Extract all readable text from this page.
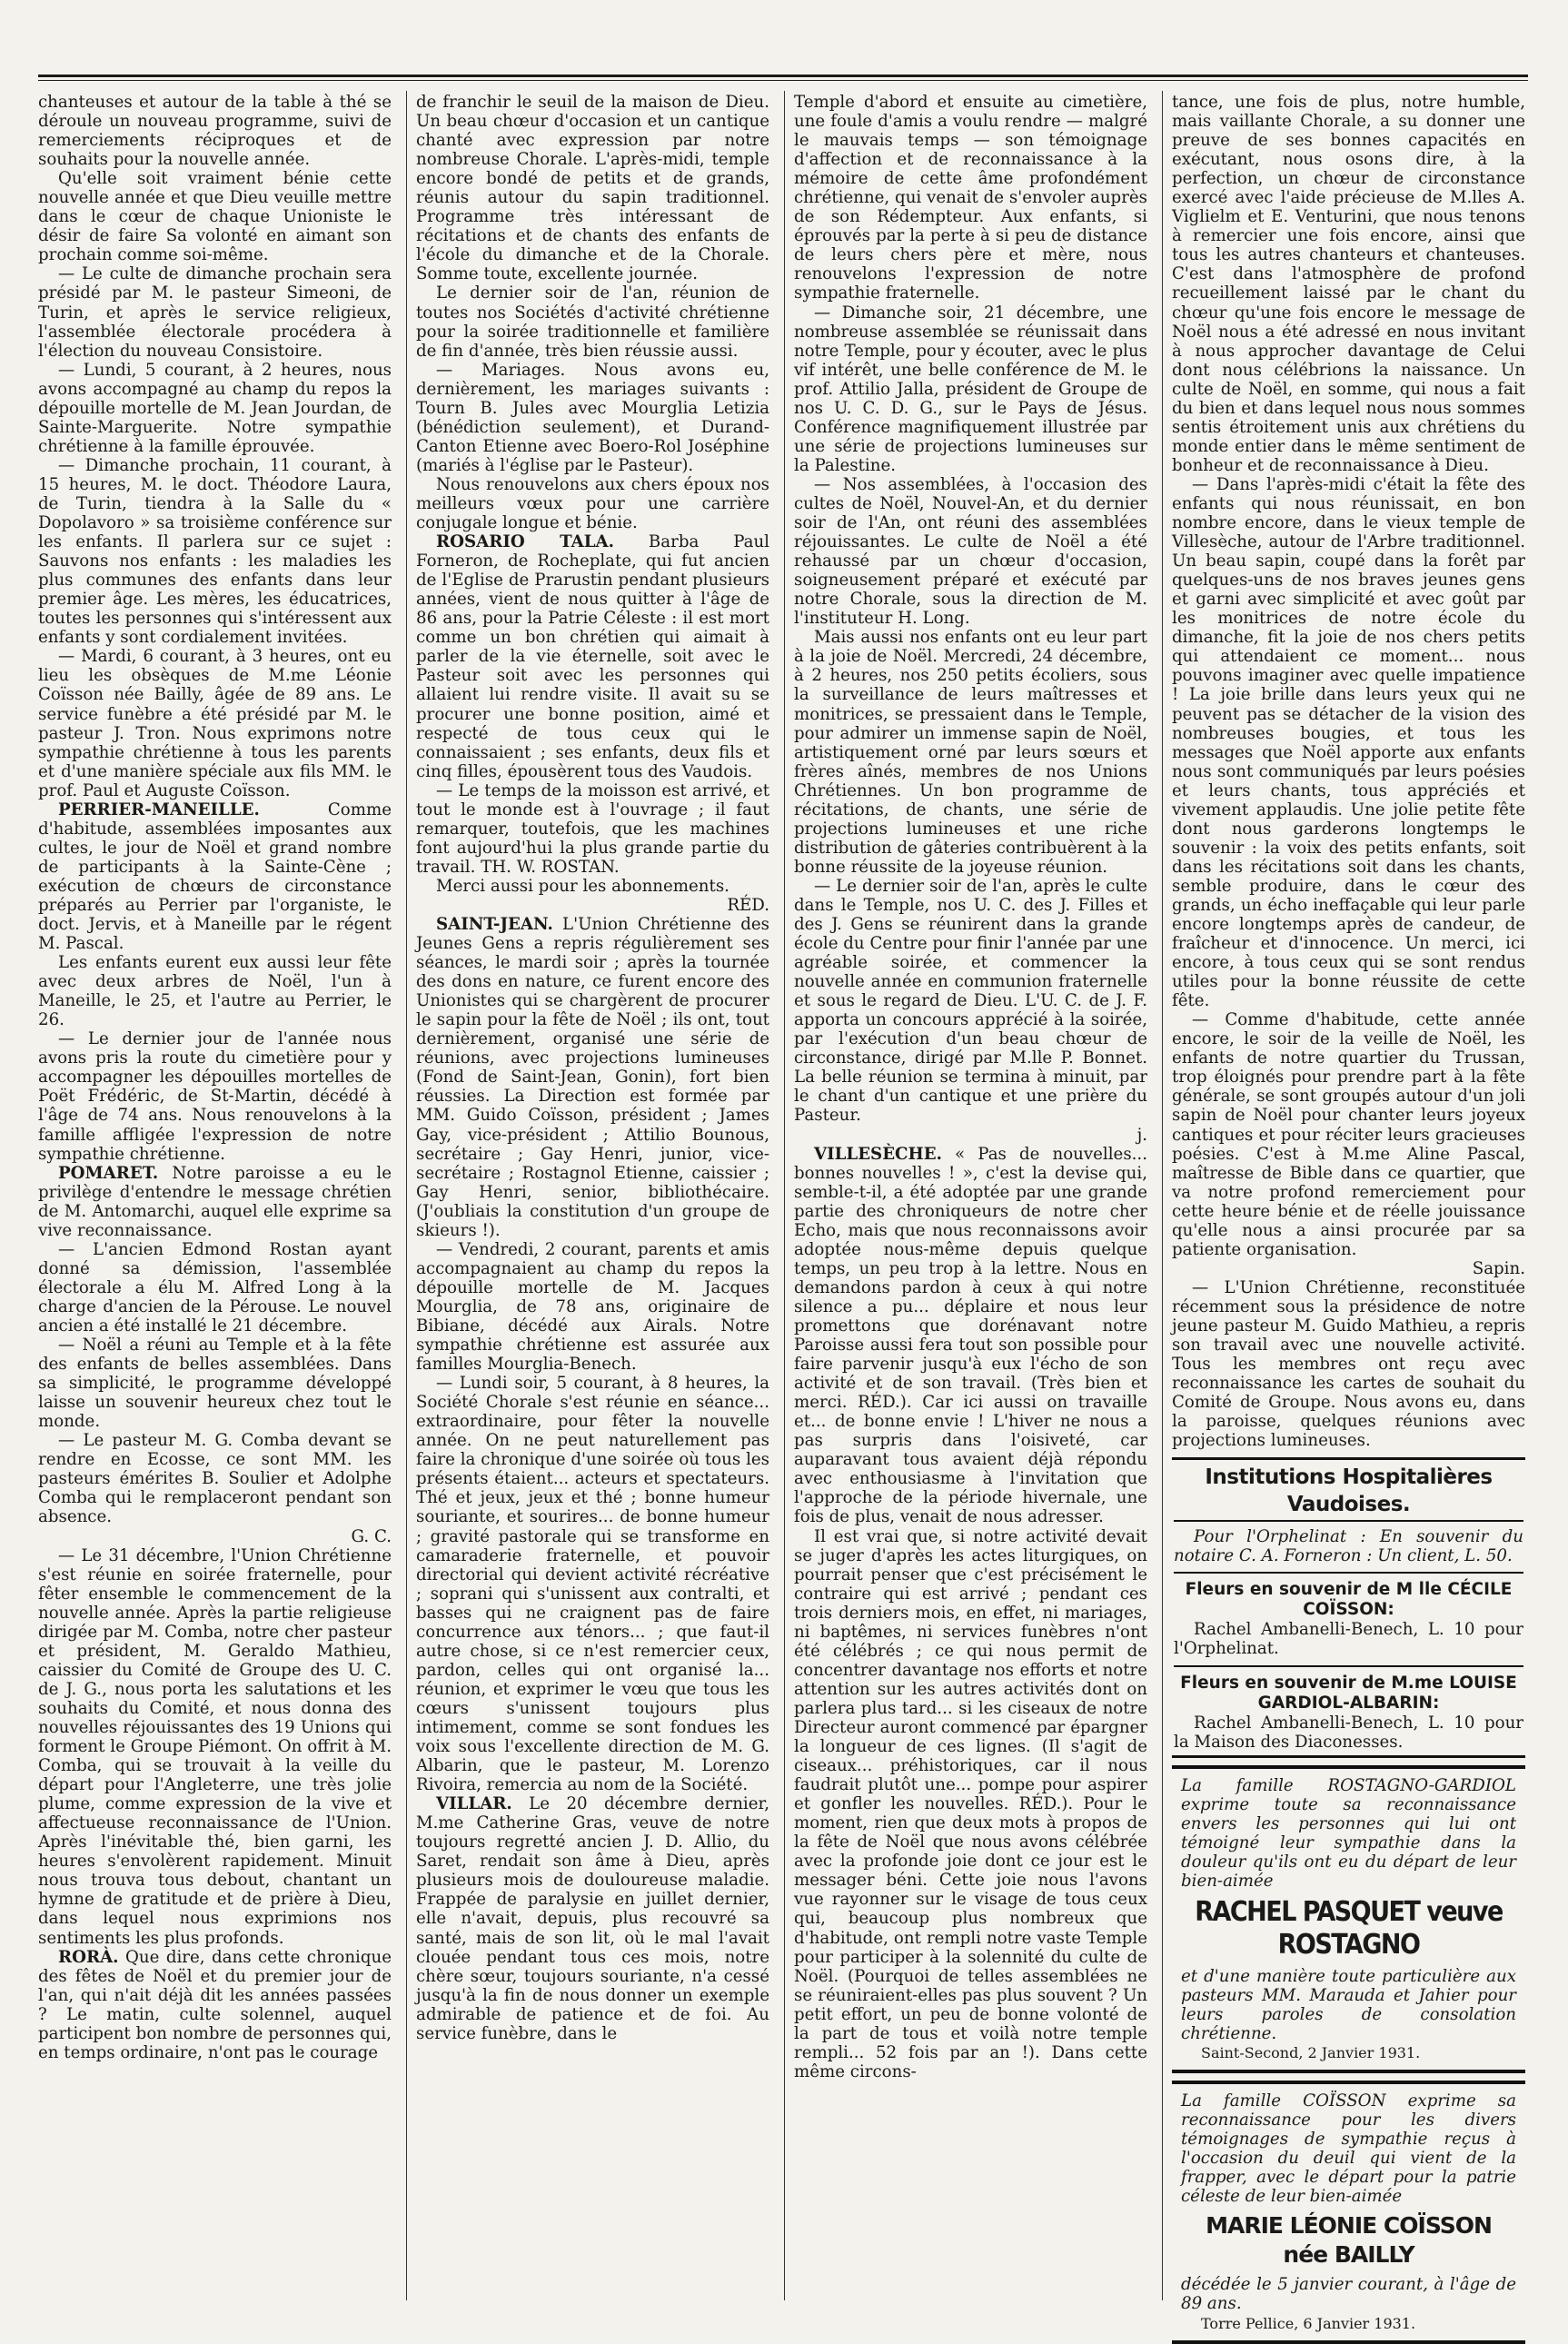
chanteuses et autour de la table à thé se déroule un nouveau programme, suivi de remerciements réciproques et de souhaits pour la nouvelle année.

Qu'elle soit vraiment bénie cette nouvelle année et que Dieu veuille mettre dans le cœur de chaque Unioniste le désir de faire Sa volonté en aimant son prochain comme soi-même.

— Le culte de dimanche prochain sera présidé par M. le pasteur Simeoni, de Turin, et après le service religieux, l'assemblée électorale procédera à l'élection du nouveau Consistoire.

— Lundi, 5 courant, à 2 heures, nous avons accompagné au champ du repos la dépouille mortelle de M. Jean Jourdan, de Sainte-Marguerite. Notre sympathie chrétienne à la famille éprouvée.

— Dimanche prochain, 11 courant, à 15 heures, M. le doct. Théodore Laura, de Turin, tiendra à la Salle du « Dopolavoro » sa troisième conférence sur les enfants. Il parlera sur ce sujet : Sauvons nos enfants : les maladies les plus communes des enfants dans leur premier âge. Les mères, les éducatrices, toutes les personnes qui s'intéressent aux enfants y sont cordialement invitées.

— Mardi, 6 courant, à 3 heures, ont eu lieu les obsèques de M.me Léonie Coïsson née Bailly, âgée de 89 ans. Le service funèbre a été présidé par M. le pasteur J. Tron. Nous exprimons notre sympathie chrétienne à tous les parents et d'une manière spéciale aux fils MM. le prof. Paul et Auguste Coïsson.

PERRIER-MANEILLE. Comme d'habitude, assemblées imposantes aux cultes, le jour de Noël et grand nombre de participants à la Sainte-Cène ; exécution de chœurs de circonstance préparés au Perrier par l'organiste, le doct. Jervis, et à Maneille par le régent M. Pascal.

Les enfants eurent eux aussi leur fête avec deux arbres de Noël, l'un à Maneille, le 25, et l'autre au Perrier, le 26.

— Le dernier jour de l'année nous avons pris la route du cimetière pour y accompagner les dépouilles mortelles de Poët Frédéric, de St-Martin, décédé à l'âge de 74 ans. Nous renouvelons à la famille affligée l'expression de notre sympathie chrétienne.

POMARET. Notre paroisse a eu le privilège d'entendre le message chrétien de M. Antomarchi, auquel elle exprime sa vive reconnaissance.

— L'ancien Edmond Rostan ayant donné sa démission, l'assemblée électorale a élu M. Alfred Long à la charge d'ancien de la Pérouse. Le nouvel ancien a été installé le 21 décembre.

— Noël a réuni au Temple et à la fête des enfants de belles assemblées. Dans sa simplicité, le programme développé laisse un souvenir heureux chez tout le monde.

— Le pasteur M. G. Comba devant se rendre en Ecosse, ce sont MM. les pasteurs émérites B. Soulier et Adolphe Comba qui le remplaceront pendant son absence.

G. C.

— Le 31 décembre, l'Union Chrétienne s'est réunie en soirée fraternelle, pour fêter ensemble le commencement de la nouvelle année. Après la partie religieuse dirigée par M. Comba, notre cher pasteur et président, M. Geraldo Mathieu, caissier du Comité de Groupe des U. C. de J. G., nous porta les salutations et les souhaits du Comité, et nous donna des nouvelles réjouissantes des 19 Unions qui forment le Groupe Piémont. On offrit à M. Comba, qui se trouvait à la veille du départ pour l'Angleterre, une très jolie plume, comme expression de la vive et affectueuse reconnaissance de l'Union. Après l'inévitable thé, bien garni, les heures s'envolèrent rapidement. Minuit nous trouva tous debout, chantant un hymne de gratitude et de prière à Dieu, dans lequel nous exprimions nos sentiments les plus profonds.

RORÀ. Que dire, dans cette chronique des fêtes de Noël et du premier jour de l'an, qui n'ait déjà dit les années passées ? Le matin, culte solennel, auquel participent bon nombre de personnes qui, en temps ordinaire, n'ont pas le courage

de franchir le seuil de la maison de Dieu. Un beau chœur d'occasion et un cantique chanté avec expression par notre nombreuse Chorale. L'après-midi, temple encore bondé de petits et de grands, réunis autour du sapin traditionnel. Programme très intéressant de récitations et de chants des enfants de l'école du dimanche et de la Chorale. Somme toute, excellente journée.

Le dernier soir de l'an, réunion de toutes nos Sociétés d'activité chrétienne pour la soirée traditionnelle et familière de fin d'année, très bien réussie aussi.

— Mariages. Nous avons eu, dernièrement, les mariages suivants : Tourn B. Jules avec Mourglia Letizia (bénédiction seulement), et Durand-Canton Etienne avec Boero-Rol Joséphine (mariés à l'église par le Pasteur).

Nous renouvelons aux chers époux nos meilleurs vœux pour une carrière conjugale longue et bénie.

ROSARIO TALA. Barba Paul Forneron, de Rocheplate, qui fut ancien de l'Eglise de Prarustin pendant plusieurs années, vient de nous quitter à l'âge de 86 ans, pour la Patrie Céleste : il est mort comme un bon chrétien qui aimait à parler de la vie éternelle, soit avec le Pasteur soit avec les personnes qui allaient lui rendre visite. Il avait su se procurer une bonne position, aimé et respecté de tous ceux qui le connaissaient ; ses enfants, deux fils et cinq filles, épousèrent tous des Vaudois.

— Le temps de la moisson est arrivé, et tout le monde est à l'ouvrage ; il faut remarquer, toutefois, que les machines font aujourd'hui la plus grande partie du travail. TH. W. ROSTAN.

Merci aussi pour les abonnements.

RÉD.

SAINT-JEAN. L'Union Chrétienne des Jeunes Gens a repris régulièrement ses séances, le mardi soir ; après la tournée des dons en nature, ce furent encore des Unionistes qui se chargèrent de procurer le sapin pour la fête de Noël ; ils ont, tout dernièrement, organisé une série de réunions, avec projections lumineuses (Fond de Saint-Jean, Gonin), fort bien réussies. La Direction est formée par MM. Guido Coïsson, président ; James Gay, vice-président ; Attilio Bounous, secrétaire ; Gay Henri, junior, vice-secrétaire ; Rostagnol Etienne, caissier ; Gay Henri, senior, bibliothécaire. (J'oubliais la constitution d'un groupe de skieurs !).

— Vendredi, 2 courant, parents et amis accompagnaient au champ du repos la dépouille mortelle de M. Jacques Mourglia, de 78 ans, originaire de Bibiane, décédé aux Airals. Notre sympathie chrétienne est assurée aux familles Mourglia-Benech.

— Lundi soir, 5 courant, à 8 heures, la Société Chorale s'est réunie en séance... extraordinaire, pour fêter la nouvelle année. On ne peut naturellement pas faire la chronique d'une soirée où tous les présents étaient... acteurs et spectateurs. Thé et jeux, jeux et thé ; bonne humeur souriante, et sourires... de bonne humeur ; gravité pastorale qui se transforme en camaraderie fraternelle, et pouvoir directorial qui devient activité récréative ; soprani qui s'unissent aux contralti, et basses qui ne craignent pas de faire concurrence aux ténors... ; que faut-il autre chose, si ce n'est remercier ceux, pardon, celles qui ont organisé la... réunion, et exprimer le vœu que tous les cœurs s'unissent toujours plus intimement, comme se sont fondues les voix sous l'excellente direction de M. G. Albarin, que le pasteur, M. Lorenzo Rivoira, remercia au nom de la Société.

VILLAR. Le 20 décembre dernier, M.me Catherine Gras, veuve de notre toujours regretté ancien J. D. Allio, du Saret, rendait son âme à Dieu, après plusieurs mois de douloureuse maladie. Frappée de paralysie en juillet dernier, elle n'avait, depuis, plus recouvré sa santé, mais de son lit, où le mal l'avait clouée pendant tous ces mois, notre chère sœur, toujours souriante, n'a cessé jusqu'à la fin de nous donner un exemple admirable de patience et de foi. Au service funèbre, dans le

Temple d'abord et ensuite au cimetière, une foule d'amis a voulu rendre — malgré le mauvais temps — son témoignage d'affection et de reconnaissance à la mémoire de cette âme profondément chrétienne, qui venait de s'envoler auprès de son Rédempteur. Aux enfants, si éprouvés par la perte à si peu de distance de leurs chers père et mère, nous renouvelons l'expression de notre sympathie fraternelle.

— Dimanche soir, 21 décembre, une nombreuse assemblée se réunissait dans notre Temple, pour y écouter, avec le plus vif intérêt, une belle conférence de M. le prof. Attilio Jalla, président de Groupe de nos U. C. D. G., sur le Pays de Jésus. Conférence magnifiquement illustrée par une série de projections lumineuses sur la Palestine.

— Nos assemblées, à l'occasion des cultes de Noël, Nouvel-An, et du dernier soir de l'An, ont réuni des assemblées réjouissantes. Le culte de Noël a été rehaussé par un chœur d'occasion, soigneusement préparé et exécuté par notre Chorale, sous la direction de M. l'instituteur H. Long.

Mais aussi nos enfants ont eu leur part à la joie de Noël. Mercredi, 24 décembre, à 2 heures, nos 250 petits écoliers, sous la surveillance de leurs maîtresses et monitrices, se pressaient dans le Temple, pour admirer un immense sapin de Noël, artistiquement orné par leurs sœurs et frères aînés, membres de nos Unions Chrétiennes. Un bon programme de récitations, de chants, une série de projections lumineuses et une riche distribution de gâteries contribuèrent à la bonne réussite de la joyeuse réunion.

— Le dernier soir de l'an, après le culte dans le Temple, nos U. C. des J. Filles et des J. Gens se réunirent dans la grande école du Centre pour finir l'année par une agréable soirée, et commencer la nouvelle année en communion fraternelle et sous le regard de Dieu. L'U. C. de J. F. apporta un concours apprécié à la soirée, par l'exécution d'un beau chœur de circonstance, dirigé par M.lle P. Bonnet. La belle réunion se termina à minuit, par le chant d'un cantique et une prière du Pasteur.

j.

VILLESÈCHE. « Pas de nouvelles... bonnes nouvelles ! », c'est la devise qui, semble-t-il, a été adoptée par une grande partie des chroniqueurs de notre cher Echo, mais que nous reconnaissons avoir adoptée nous-même depuis quelque temps, un peu trop à la lettre. Nous en demandons pardon à ceux à qui notre silence a pu... déplaire et nous leur promettons que dorénavant notre Paroisse aussi fera tout son possible pour faire parvenir jusqu'à eux l'écho de son activité et de son travail. (Très bien et merci. RÉD.). Car ici aussi on travaille et... de bonne envie ! L'hiver ne nous a pas surpris dans l'oisiveté, car auparavant tous avaient déjà répondu avec enthousiasme à l'invitation que l'approche de la période hivernale, une fois de plus, venait de nous adresser.

Il est vrai que, si notre activité devait se juger d'après les actes liturgiques, on pourrait penser que c'est précisément le contraire qui est arrivé ; pendant ces trois derniers mois, en effet, ni mariages, ni baptêmes, ni services funèbres n'ont été célébrés ; ce qui nous permit de concentrer davantage nos efforts et notre attention sur les autres activités dont on parlera plus tard... si les ciseaux de notre Directeur auront commencé par épargner la longueur de ces lignes. (Il s'agit de ciseaux... préhistoriques, car il nous faudrait plutôt une... pompe pour aspirer et gonfler les nouvelles. RÉD.). Pour le moment, rien que deux mots à propos de la fête de Noël que nous avons célébrée avec la profonde joie dont ce jour est le messager béni. Cette joie nous l'avons vue rayonner sur le visage de tous ceux qui, beaucoup plus nombreux que d'habitude, ont rempli notre vaste Temple pour participer à la solennité du culte de Noël. (Pourquoi de telles assemblées ne se réuniraient-elles pas plus souvent ? Un petit effort, un peu de bonne volonté de la part de tous et voilà notre temple rempli... 52 fois par an !). Dans cette même circons-

tance, une fois de plus, notre humble, mais vaillante Chorale, a su donner une preuve de ses bonnes capacités en exécutant, nous osons dire, à la perfection, un chœur de circonstance exercé avec l'aide précieuse de M.lles A. Viglielm et E. Venturini, que nous tenons à remercier une fois encore, ainsi que tous les autres chanteurs et chanteuses. C'est dans l'atmosphère de profond recueillement laissé par le chant du chœur qu'une fois encore le message de Noël nous a été adressé en nous invitant à nous approcher davantage de Celui dont nous célébrions la naissance. Un culte de Noël, en somme, qui nous a fait du bien et dans lequel nous nous sommes sentis étroitement unis aux chrétiens du monde entier dans le même sentiment de bonheur et de reconnaissance à Dieu.

— Dans l'après-midi c'était la fête des enfants qui nous réunissait, en bon nombre encore, dans le vieux temple de Villesèche, autour de l'Arbre traditionnel. Un beau sapin, coupé dans la forêt par quelques-uns de nos braves jeunes gens et garni avec simplicité et avec goût par les monitrices de notre école du dimanche, fit la joie de nos chers petits qui attendaient ce moment... nous pouvons imaginer avec quelle impatience ! La joie brille dans leurs yeux qui ne peuvent pas se détacher de la vision des nombreuses bougies, et tous les messages que Noël apporte aux enfants nous sont communiqués par leurs poésies et leurs chants, tous appréciés et vivement applaudis. Une jolie petite fête dont nous garderons longtemps le souvenir : la voix des petits enfants, soit dans les récitations soit dans les chants, semble produire, dans le cœur des grands, un écho ineffaçable qui leur parle encore longtemps après de candeur, de fraîcheur et d'innocence. Un merci, ici encore, à tous ceux qui se sont rendus utiles pour la bonne réussite de cette fête.

— Comme d'habitude, cette année encore, le soir de la veille de Noël, les enfants de notre quartier du Trussan, trop éloignés pour prendre part à la fête générale, se sont groupés autour d'un joli sapin de Noël pour chanter leurs joyeux cantiques et pour réciter leurs gracieuses poésies. C'est à M.me Aline Pascal, maîtresse de Bible dans ce quartier, que va notre profond remerciement pour cette heure bénie et de réelle jouissance qu'elle nous a ainsi procurée par sa patiente organisation.

Sapin.

— L'Union Chrétienne, reconstituée récemment sous la présidence de notre jeune pasteur M. Guido Mathieu, a repris son travail avec une nouvelle activité. Tous les membres ont reçu avec reconnaissance les cartes de souhait du Comité de Groupe. Nous avons eu, dans la paroisse, quelques réunions avec projections lumineuses.

Institutions Hospitalières Vaudoises.

Pour l'Orphelinat : En souvenir du notaire C. A. Forneron : Un client, L. 50.

Fleurs en souvenir de M lle CÉCILE COÏSSON:

Rachel Ambanelli-Benech, L. 10 pour l'Orphelinat.

Fleurs en souvenir de M.me LOUISE GARDIOL-ALBARIN:

Rachel Ambanelli-Benech, L. 10 pour la Maison des Diaconesses.

La famille ROSTAGNO-GARDIOL exprime toute sa reconnaissance envers les personnes qui lui ont témoigné leur sympathie dans la douleur qu'ils ont eu du départ de leur bien-aimée
RACHEL PASQUET veuve ROSTAGNO
et d'une manière toute particulière aux pasteurs MM. Marauda et Jahier pour leurs paroles de consolation chrétienne.
Saint-Second, 2 Janvier 1931.
La famille COÏSSON exprime sa reconnaissance pour les divers témoignages de sympathie reçus à l'occasion du deuil qui vient de la frapper, avec le départ pour la patrie céleste de leur bien-aimée
MARIE LÉONIE COÏSSON née BAILLY
décédée le 5 janvier courant, à l'âge de 89 ans.
Torre Pellice, 6 Janvier 1931.
